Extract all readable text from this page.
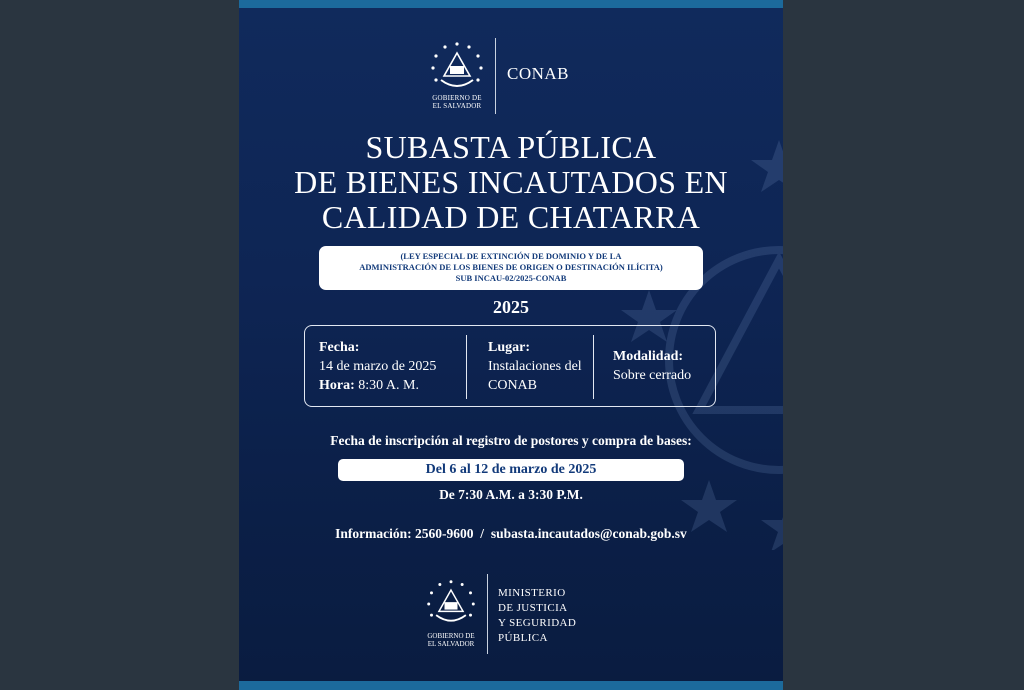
GOBIERNO DE
EL SALVADOR
CONAB
SUBASTA PÚBLICA
DE BIENES INCAUTADOS EN
CALIDAD DE CHATARRA
(LEY ESPECIAL DE EXTINCIÓN DE DOMINIO Y DE LA
ADMINISTRACIÓN DE LOS BIENES DE ORIGEN O DESTINACIÓN ILÍCITA)
SUB INCAU-02/2025-CONAB
2025
Fecha:
14 de marzo de 2025
Hora: 8:30 A. M.
Lugar:
Instalaciones del
CONAB
Modalidad:
Sobre cerrado
Fecha de inscripción al registro de postores y compra de bases:
Del 6 al 12 de marzo de 2025
De 7:30 A.M. a 3:30 P.M.
Información: 2560-9600 / subasta.incautados@conab.gob.sv
GOBIERNO DE
EL SALVADOR
MINISTERIO
DE JUSTICIA
Y SEGURIDAD
PÚBLICA
